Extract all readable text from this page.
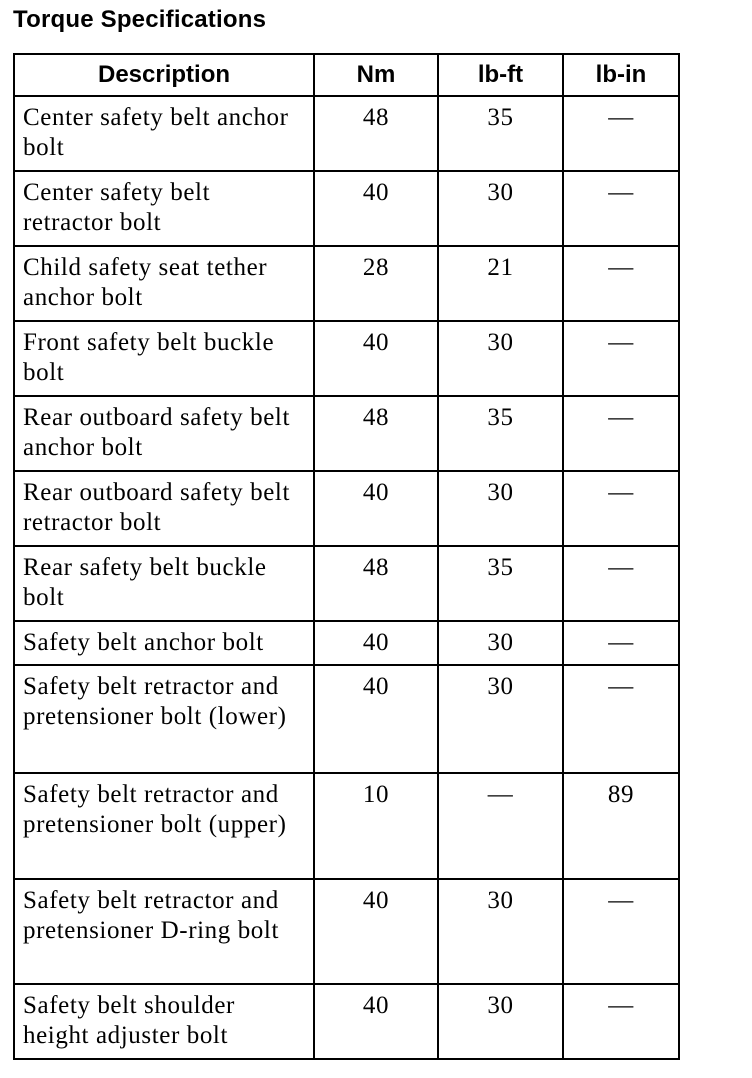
Torque Specifications
Description	Nm	lb-ft	lb-in
Center safety belt anchor bolt	48	35	—
Center safety belt retractor bolt	40	30	—
Child safety seat tether anchor bolt	28	21	—
Front safety belt buckle bolt	40	30	—
Rear outboard safety belt anchor bolt	48	35	—
Rear outboard safety belt retractor bolt	40	30	—
Rear safety belt buckle bolt	48	35	—
Safety belt anchor bolt	40	30	—
Safety belt retractor and pretensioner bolt (lower)	40	30	—
Safety belt retractor and pretensioner bolt (upper)	10	—	89
Safety belt retractor and pretensioner D-ring bolt	40	30	—
Safety belt shoulder height adjuster bolt	40	30	—
